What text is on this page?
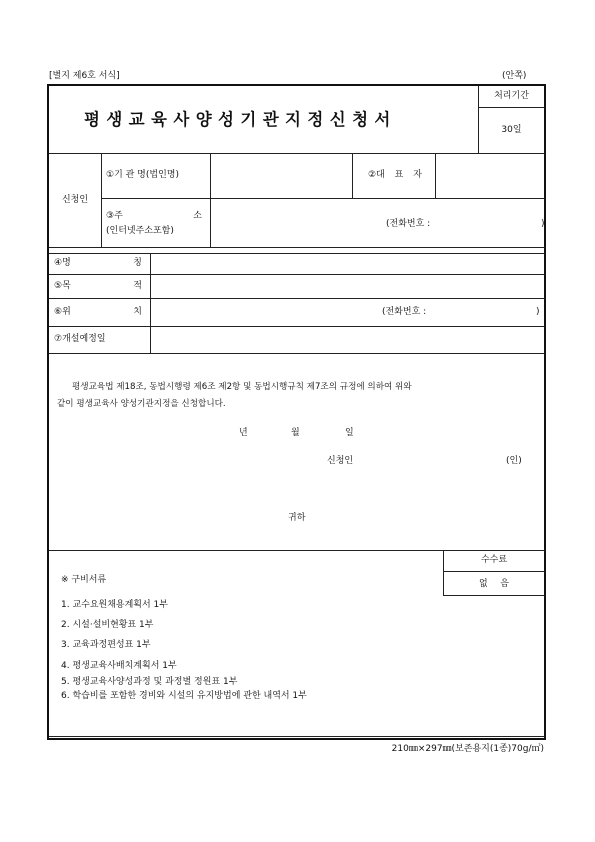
[별지 제6호 서식]	(안쪽)
평생교육사양성기관지정신청서
처리기간
30일
신청인
①기 관 명(법인명)	②대 표 자
③주	소
(인터넷주소포함)
(전화번호 :	)
④명	칭
⑤목	적
⑥위	치	(전화번호 :	)
⑦개설예정일
평생교육법 제18조, 동법시행령 제6조 제2항 및 동법시행규칙 제7조의 규정에 의하여 위와
같이 평생교육사 양성기관지정을 신청합니다.
년	월	일
신청인	(인)
귀하
※ 구비서류
수수료
없 음
1. 교수요원채용계획서 1부
2. 시설·설비현황표 1부
3. 교육과정편성표 1부
4. 평생교육사배치계획서 1부
5. 평생교육사양성과정 및 과정별 정원표 1부
6. 학습비를 포함한 경비와 시설의 유지방법에 관한 내역서 1부
210㎜×297㎜(보존용지(1종)70g/㎡)
